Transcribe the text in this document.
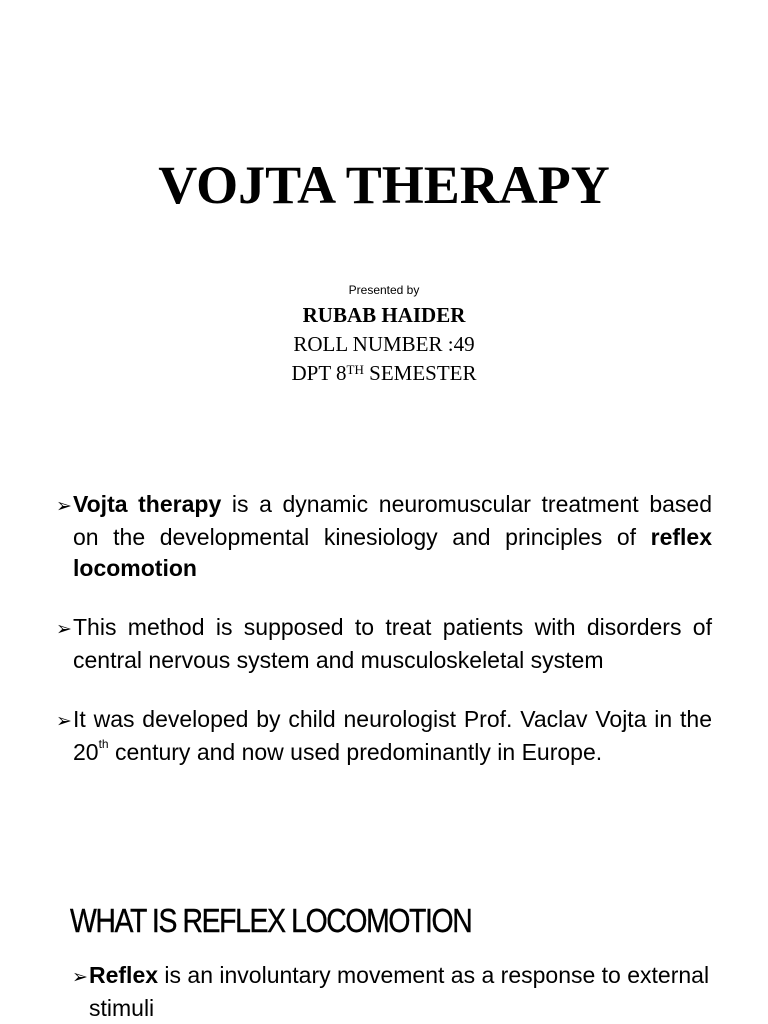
VOJTA THERAPY
Presented by
RUBAB HAIDER
ROLL NUMBER :49
DPT 8TH SEMESTER
➢Vojta therapy is a dynamic neuromuscular treatment based on the developmental kinesiology and principles of reflex locomotion
➢This method is supposed to treat patients with disorders of central nervous system and musculoskeletal system
➢It was developed by child neurologist Prof. Vaclav Vojta in the 20th century and now used predominantly in Europe.
WHAT IS REFLEX LOCOMOTION
➢Reflex is an involuntary movement as a response to external stimuli
